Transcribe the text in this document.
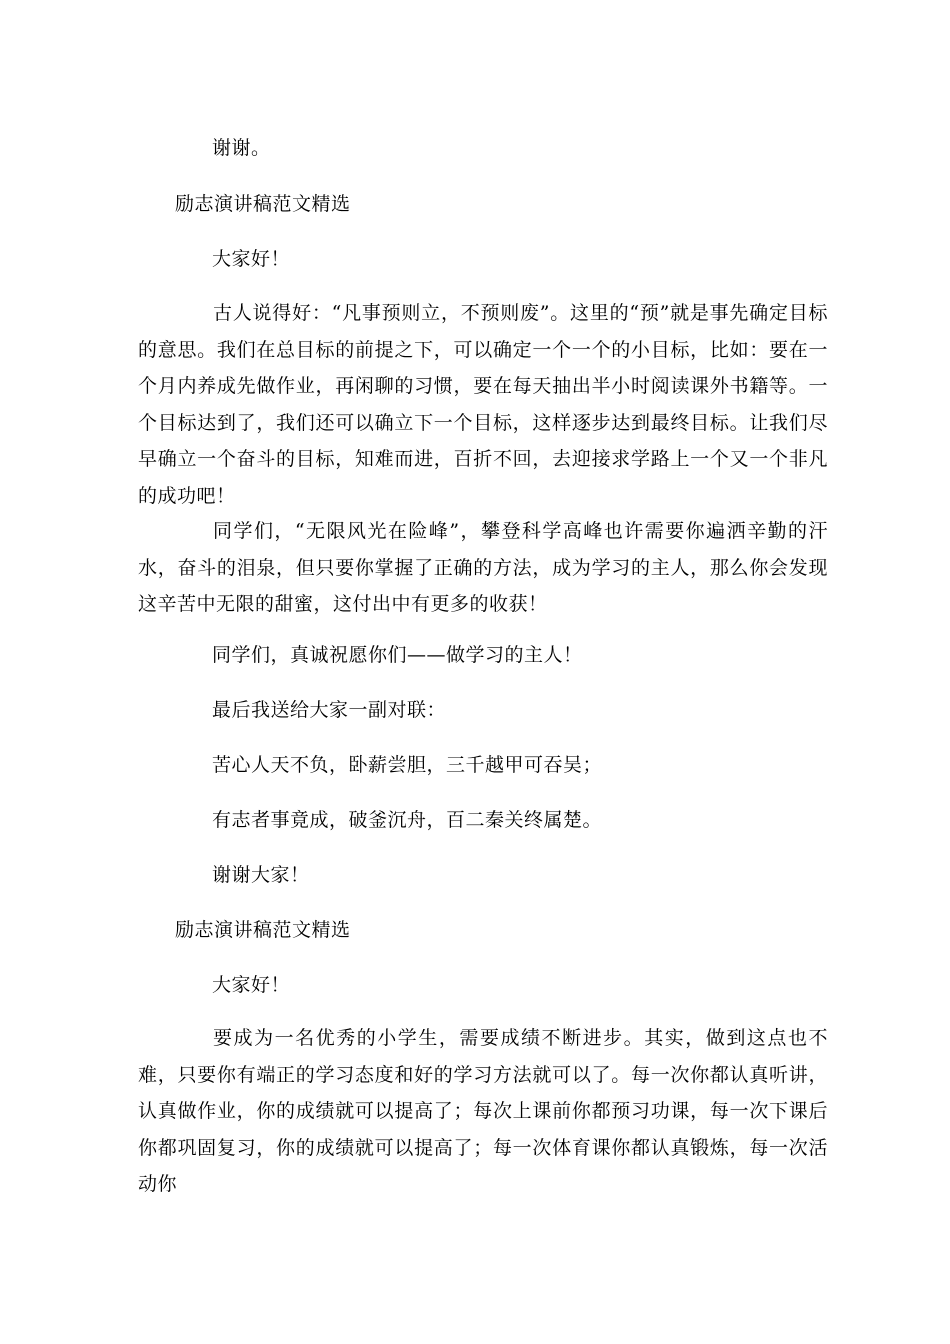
谢谢。
励志演讲稿范文精选
大家好！

古人说得好：“凡事预则立，不预则废”。这里的“预”就是事先确定目标的意思。我们在总目标的前提之下，可以确定一个一个的小目标，比如：要在一个月内养成先做作业，再闲聊的习惯，要在每天抽出半小时阅读课外书籍等。一个目标达到了，我们还可以确立下一个目标，这样逐步达到最终目标。让我们尽早确立一个奋斗的目标，知难而进，百折不回，去迎接求学路上一个又一个非凡的成功吧！

同学们，“无限风光在险峰”，攀登科学高峰也许需要你遍洒辛勤的汗水，奋斗的泪泉，但只要你掌握了正确的方法，成为学习的主人，那么你会发现这辛苦中无限的甜蜜，这付出中有更多的收获！

同学们，真诚祝愿你们——做学习的主人！
最后我送给大家一副对联：
苦心人天不负，卧薪尝胆，三千越甲可吞吴；
有志者事竟成，破釜沉舟，百二秦关终属楚。
谢谢大家！
励志演讲稿范文精选
大家好！

要成为一名优秀的小学生，需要成绩不断进步。其实，做到这点也不难，只要你有端正的学习态度和好的学习方法就可以了。每一次你都认真听讲，认真做作业，你的成绩就可以提高了；每次上课前你都预习功课，每一次下课后你都巩固复习，你的成绩就可以提高了；每一次体育课你都认真锻炼，每一次活动你
